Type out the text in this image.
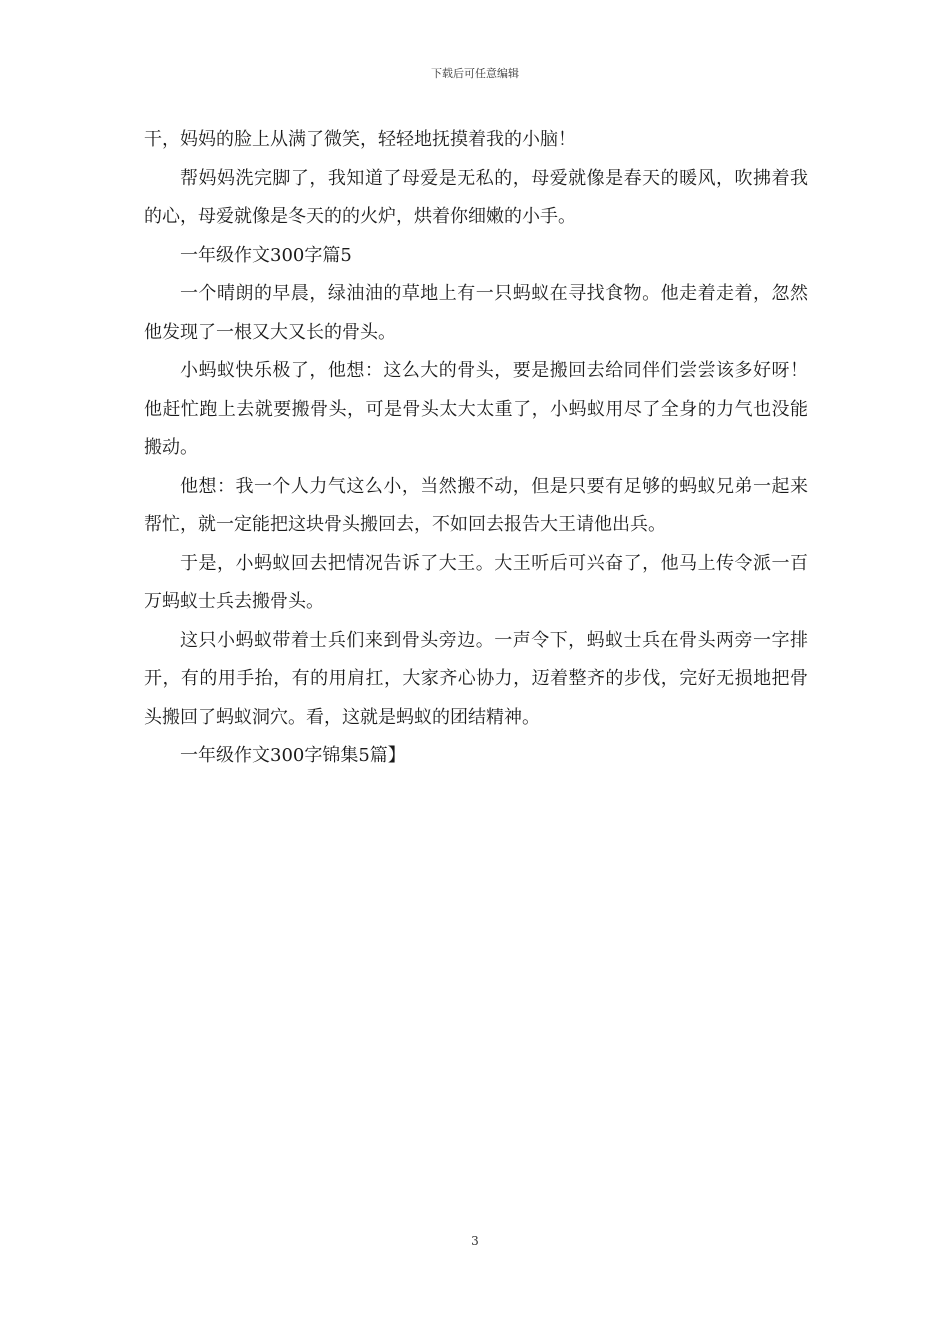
下载后可任意编辑

干，妈妈的脸上从满了微笑，轻轻地抚摸着我的小脑！

帮妈妈洗完脚了，我知道了母爱是无私的，母爱就像是春天的暖风，吹拂着我的心，母爱就像是冬天的的火炉，烘着你细嫩的小手。

一年级作文300字篇5

一个晴朗的早晨，绿油油的草地上有一只蚂蚁在寻找食物。他走着走着，忽然他发现了一根又大又长的骨头。

小蚂蚁快乐极了，他想：这么大的骨头，要是搬回去给同伴们尝尝该多好呀！他赶忙跑上去就要搬骨头，可是骨头太大太重了，小蚂蚁用尽了全身的力气也没能搬动。

他想：我一个人力气这么小，当然搬不动，但是只要有足够的蚂蚁兄弟一起来帮忙，就一定能把这块骨头搬回去，不如回去报告大王请他出兵。

于是，小蚂蚁回去把情况告诉了大王。大王听后可兴奋了，他马上传令派一百万蚂蚁士兵去搬骨头。

这只小蚂蚁带着士兵们来到骨头旁边。一声令下，蚂蚁士兵在骨头两旁一字排开，有的用手抬，有的用肩扛，大家齐心协力，迈着整齐的步伐，完好无损地把骨头搬回了蚂蚁洞穴。看，这就是蚂蚁的团结精神。

一年级作文300字锦集5篇】

3
